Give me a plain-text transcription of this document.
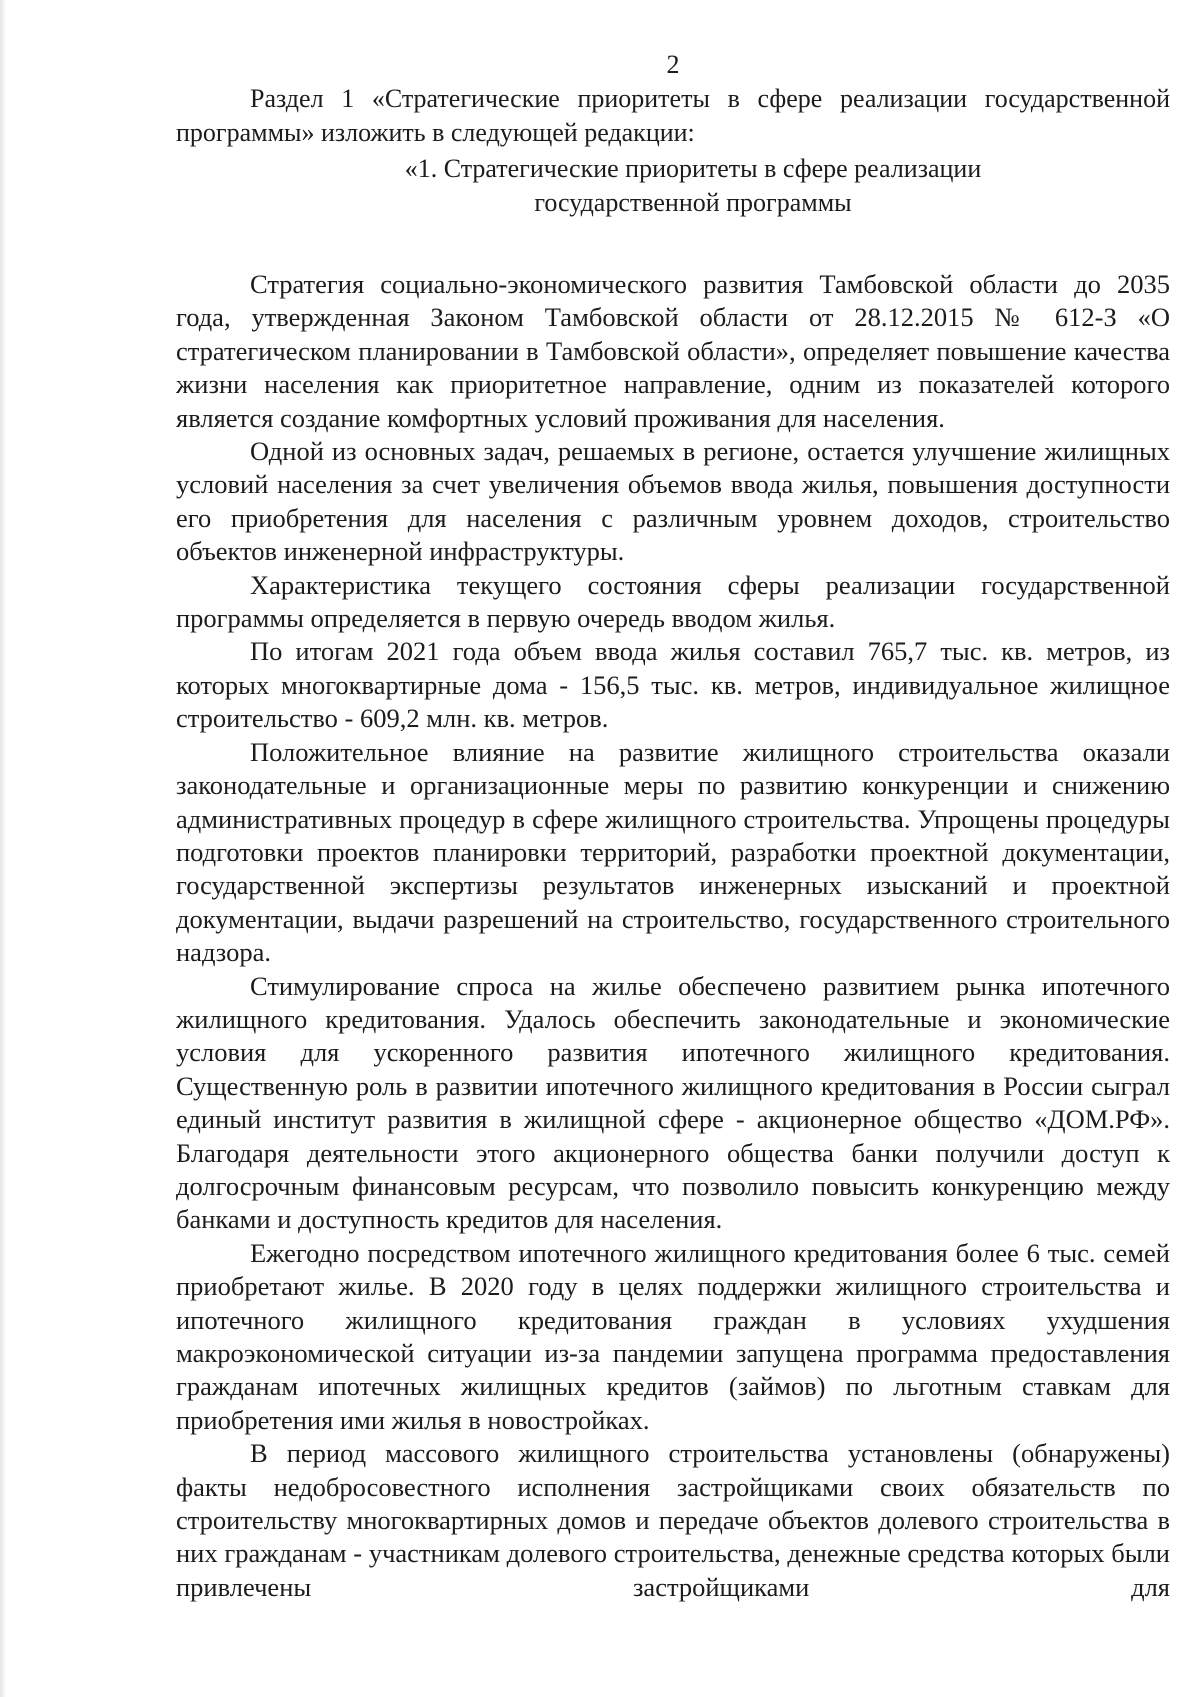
2

Раздел 1 «Стратегические приоритеты в сфере реализации государственной программы» изложить в следующей редакции:

«1. Стратегические приоритеты в сфере реализации
государственной программы

Стратегия социально-экономического развития Тамбовской области до 2035 года, утвержденная Законом Тамбовской области от 28.12.2015 № 612-З «О стратегическом планировании в Тамбовской области», определяет повышение качества жизни населения как приоритетное направление, одним из показателей которого является создание комфортных условий проживания для населения.

Одной из основных задач, решаемых в регионе, остается улучшение жилищных условий населения за счет увеличения объемов ввода жилья, повышения доступности его приобретения для населения с различным уровнем доходов, строительство объектов инженерной инфраструктуры.

Характеристика текущего состояния сферы реализации государственной программы определяется в первую очередь вводом жилья.

По итогам 2021 года объем ввода жилья составил 765,7 тыс. кв. метров, из которых многоквартирные дома - 156,5 тыс. кв. метров, индивидуальное жилищное строительство - 609,2 млн. кв. метров.

Положительное влияние на развитие жилищного строительства оказали законодательные и организационные меры по развитию конкуренции и снижению административных процедур в сфере жилищного строительства. Упрощены процедуры подготовки проектов планировки территорий, разработки проектной документации, государственной экспертизы результатов инженерных изысканий и проектной документации, выдачи разрешений на строительство, государственного строительного надзора.

Стимулирование спроса на жилье обеспечено развитием рынка ипотечного жилищного кредитования. Удалось обеспечить законодательные и экономические условия для ускоренного развития ипотечного жилищного кредитования. Существенную роль в развитии ипотечного жилищного кредитования в России сыграл единый институт развития в жилищной сфере - акционерное общество «ДОМ.РФ». Благодаря деятельности этого акционерного общества банки получили доступ к долгосрочным финансовым ресурсам, что позволило повысить конкуренцию между банками и доступность кредитов для населения.

Ежегодно посредством ипотечного жилищного кредитования более 6 тыс. семей приобретают жилье. В 2020 году в целях поддержки жилищного строительства и ипотечного жилищного кредитования граждан в условиях ухудшения макроэкономической ситуации из-за пандемии запущена программа предоставления гражданам ипотечных жилищных кредитов (займов) по льготным ставкам для приобретения ими жилья в новостройках.

В период массового жилищного строительства установлены (обнаружены) факты недобросовестного исполнения застройщиками своих обязательств по строительству многоквартирных домов и передаче объектов долевого строительства в них гражданам - участникам долевого строительства, денежные средства которых были привлечены застройщиками для
